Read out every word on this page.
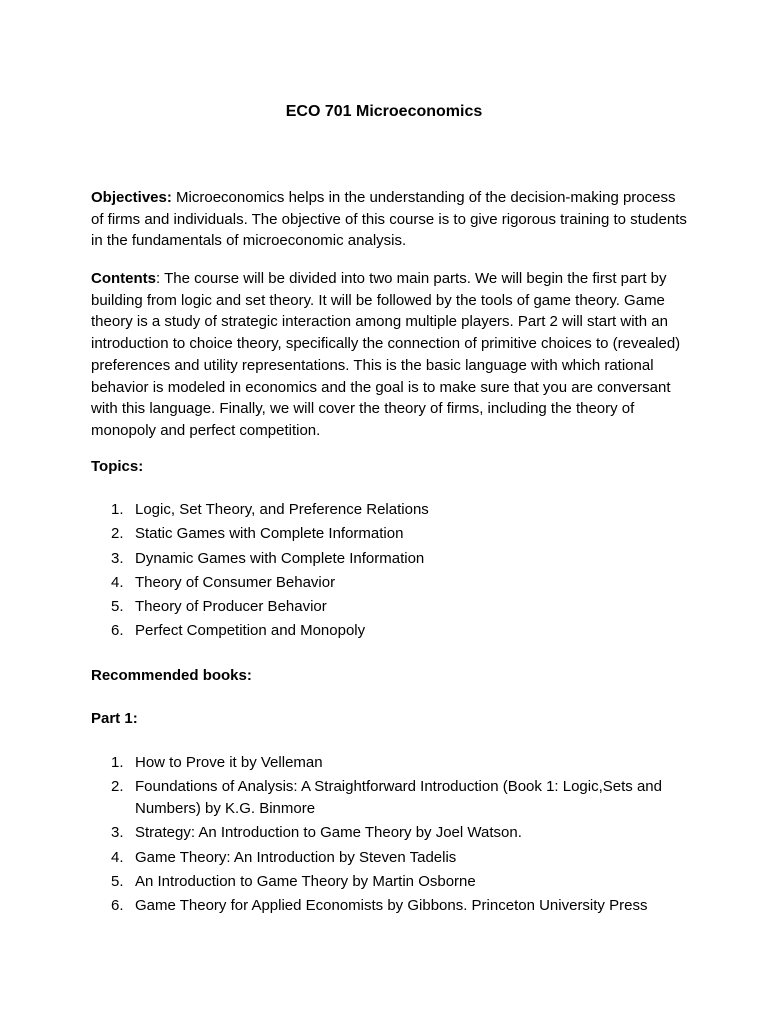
ECO 701 Microeconomics

Objectives: Microeconomics helps in the understanding of the decision-making process of firms and individuals. The objective of this course is to give rigorous training to students in the fundamentals of microeconomic analysis.

Contents: The course will be divided into two main parts. We will begin the first part by building from logic and set theory. It will be followed by the tools of game theory. Game theory is a study of strategic interaction among multiple players. Part 2 will start with an introduction to choice theory, specifically the connection of primitive choices to (revealed) preferences and utility representations. This is the basic language with which rational behavior is modeled in economics and the goal is to make sure that you are conversant with this language. Finally, we will cover the theory of firms, including the theory of monopoly and perfect competition.

Topics:

1. Logic, Set Theory, and Preference Relations
2. Static Games with Complete Information
3. Dynamic Games with Complete Information
4. Theory of Consumer Behavior
5. Theory of Producer Behavior
6. Perfect Competition and Monopoly

Recommended books:

Part 1:

1. How to Prove it by Velleman
2. Foundations of Analysis: A Straightforward Introduction (Book 1: Logic,Sets and Numbers) by K.G. Binmore
3. Strategy: An Introduction to Game Theory by Joel Watson.
4. Game Theory: An Introduction by Steven Tadelis
5. An Introduction to Game Theory by Martin Osborne
6. Game Theory for Applied Economists by Gibbons. Princeton University Press
